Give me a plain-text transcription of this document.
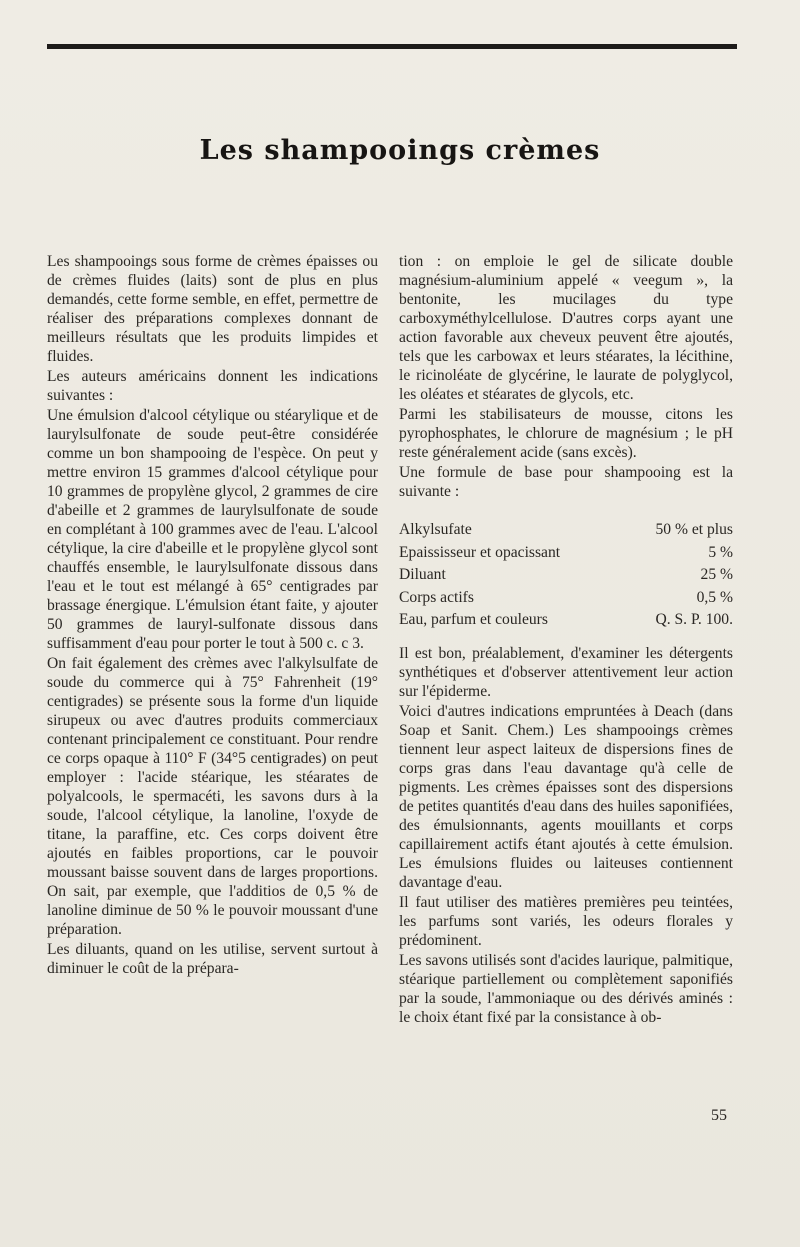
Les shampooings crèmes

Les shampooings sous forme de crèmes épaisses ou de crèmes fluides (laits) sont de plus en plus demandés, cette forme semble, en effet, permettre de réaliser des préparations complexes donnant de meilleurs résultats que les produits limpides et fluides.

Les auteurs américains donnent les indications suivantes :

Une émulsion d'alcool cétylique ou stéarylique et de laurylsulfonate de soude peut-être considérée comme un bon shampooing de l'espèce. On peut y mettre environ 15 grammes d'alcool cétylique pour 10 grammes de propylène glycol, 2 grammes de cire d'abeille et 2 grammes de laurylsulfonate de soude en complétant à 100 grammes avec de l'eau. L'alcool cétylique, la cire d'abeille et le propylène glycol sont chauffés ensemble, le laurylsulfonate dissous dans l'eau et le tout est mélangé à 65° centigrades par brassage énergique. L'émulsion étant faite, y ajouter 50 grammes de lauryl-sulfonate dissous dans suffisamment d'eau pour porter le tout à 500 c. c 3.

On fait également des crèmes avec l'alkylsulfate de soude du commerce qui à 75° Fahrenheit (19° centigrades) se présente sous la forme d'un liquide sirupeux ou avec d'autres produits commerciaux contenant principalement ce constituant. Pour rendre ce corps opaque à 110° F (34°5 centigrades) on peut employer : l'acide stéarique, les stéarates de polyalcools, le spermacéti, les savons durs à la soude, l'alcool cétylique, la lanoline, l'oxyde de titane, la paraffine, etc. Ces corps doivent être ajoutés en faibles proportions, car le pouvoir moussant baisse souvent dans de larges proportions. On sait, par exemple, que l'additios de 0,5 % de lanoline diminue de 50 % le pouvoir moussant d'une préparation.

Les diluants, quand on les utilise, servent surtout à diminuer le coût de la prépara-

tion : on emploie le gel de silicate double magnésium-aluminium appelé « veegum », la bentonite, les mucilages du type carboxyméthylcellulose. D'autres corps ayant une action favorable aux cheveux peuvent être ajoutés, tels que les carbowax et leurs stéarates, la lécithine, le ricinoléate de glycérine, le laurate de polyglycol, les oléates et stéarates de glycols, etc.

Parmi les stabilisateurs de mousse, citons les pyrophosphates, le chlorure de magnésium ; le pH reste généralement acide (sans excès).

Une formule de base pour shampooing est la suivante :

Alkylsufate	50 % et plus
Epaississeur et opacissant	5 %
Diluant	25 %
Corps actifs	0,5 %
Eau, parfum et couleurs	Q. S. P. 100.

Il est bon, préalablement, d'examiner les détergents synthétiques et d'observer attentivement leur action sur l'épiderme.

Voici d'autres indications empruntées à Deach (dans Soap et Sanit. Chem.) Les shampooings crèmes tiennent leur aspect laiteux de dispersions fines de corps gras dans l'eau davantage qu'à celle de pigments. Les crèmes épaisses sont des dispersions de petites quantités d'eau dans des huiles saponifiées, des émulsionnants, agents mouillants et corps capillairement actifs étant ajoutés à cette émulsion. Les émulsions fluides ou laiteuses contiennent davantage d'eau.

Il faut utiliser des matières premières peu teintées, les parfums sont variés, les odeurs florales y prédominent.

Les savons utilisés sont d'acides laurique, palmitique, stéarique partiellement ou complètement saponifiés par la soude, l'ammoniaque ou des dérivés aminés : le choix étant fixé par la consistance à ob-

55
